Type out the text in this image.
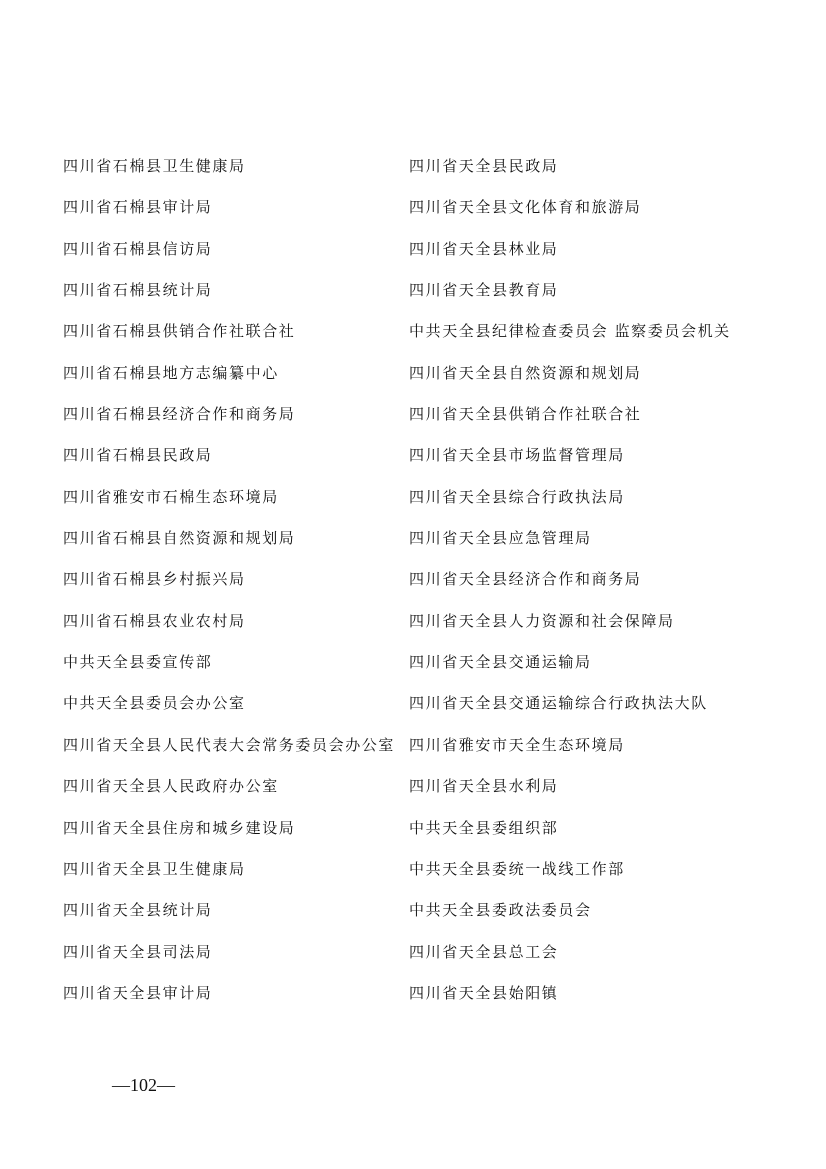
四川省石棉县卫生健康局
四川省石棉县审计局
四川省石棉县信访局
四川省石棉县统计局
四川省石棉县供销合作社联合社
四川省石棉县地方志编纂中心
四川省石棉县经济合作和商务局
四川省石棉县民政局
四川省雅安市石棉生态环境局
四川省石棉县自然资源和规划局
四川省石棉县乡村振兴局
四川省石棉县农业农村局
中共天全县委宣传部
中共天全县委员会办公室
四川省天全县人民代表大会常务委员会办公室
四川省天全县人民政府办公室
四川省天全县住房和城乡建设局
四川省天全县卫生健康局
四川省天全县统计局
四川省天全县司法局
四川省天全县审计局
四川省天全县民政局
四川省天全县文化体育和旅游局
四川省天全县林业局
四川省天全县教育局
中共天全县纪律检查委员会 监察委员会机关
四川省天全县自然资源和规划局
四川省天全县供销合作社联合社
四川省天全县市场监督管理局
四川省天全县综合行政执法局
四川省天全县应急管理局
四川省天全县经济合作和商务局
四川省天全县人力资源和社会保障局
四川省天全县交通运输局
四川省天全县交通运输综合行政执法大队
四川省雅安市天全生态环境局
四川省天全县水利局
中共天全县委组织部
中共天全县委统一战线工作部
中共天全县委政法委员会
四川省天全县总工会
四川省天全县始阳镇
—102—
